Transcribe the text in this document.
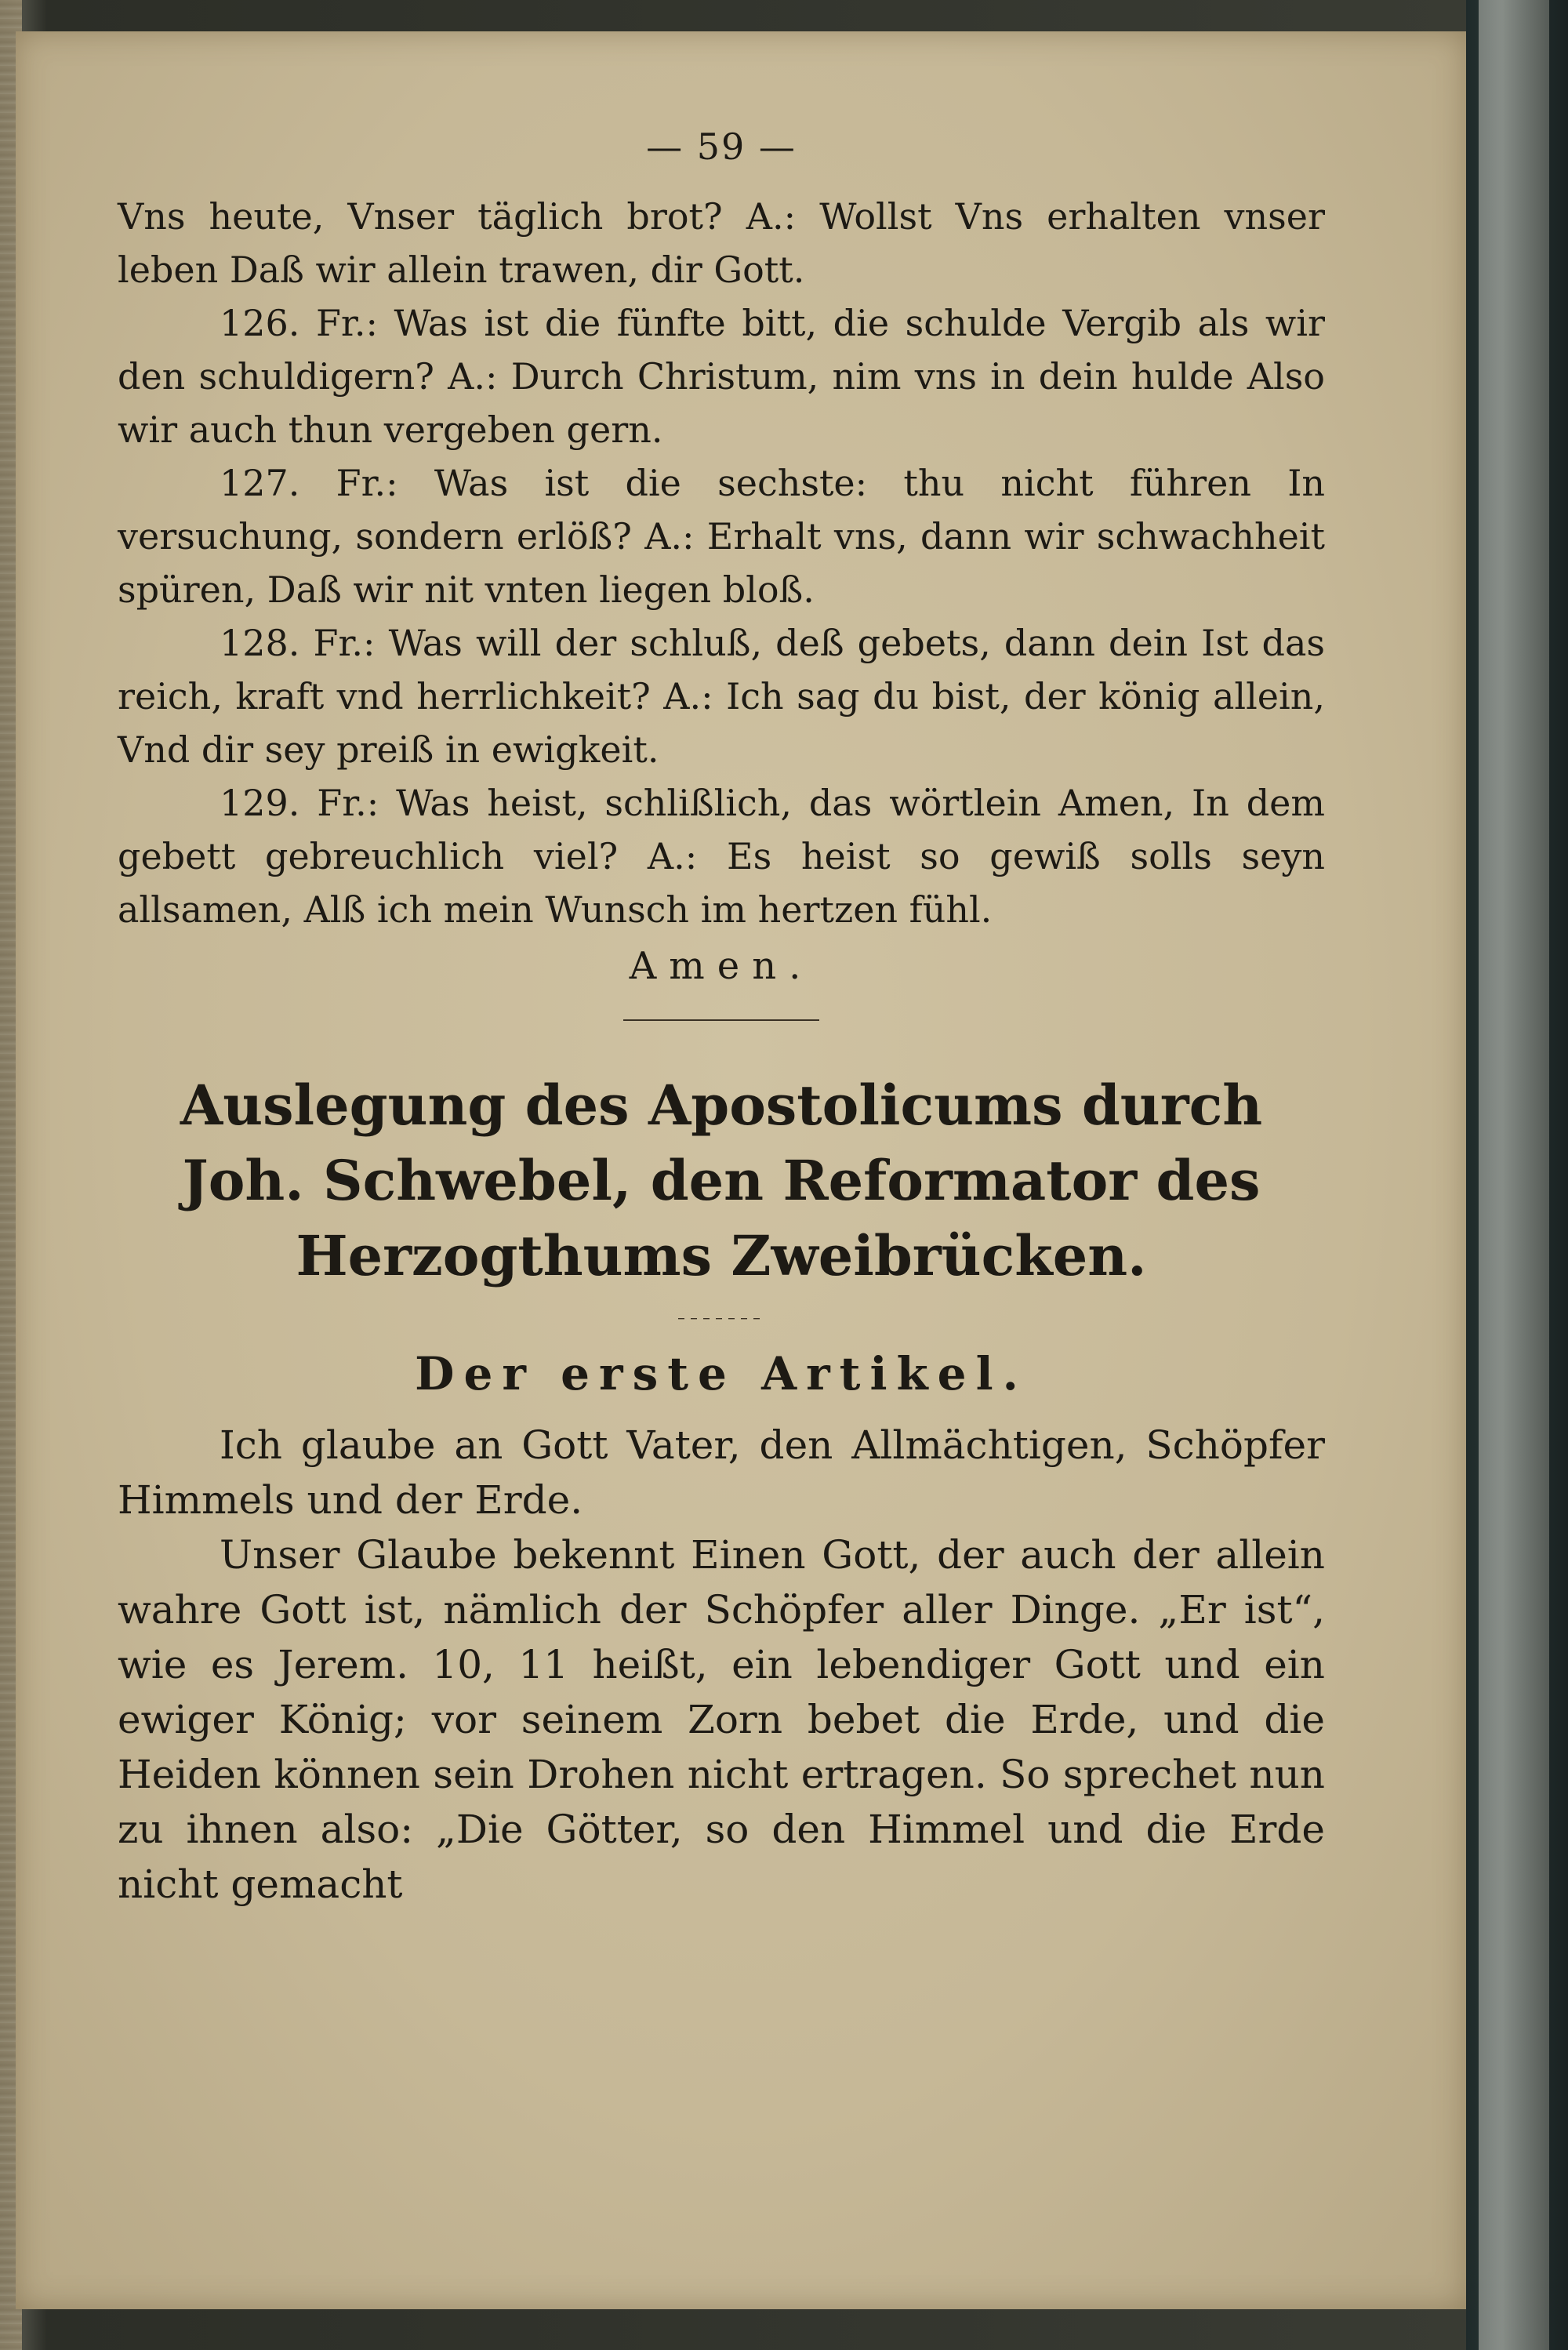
— 59 —

Vns heute, Vnser täglich brot? A.: Wollst Vns erhalten vnser leben Daß wir allein trawen, dir Gott.

126. Fr.: Was ist die fünfte bitt, die schulde Vergib als wir den schuldigern? A.: Durch Christum, nim vns in dein hulde Also wir auch thun vergeben gern.

127. Fr.: Was ist die sechste: thu nicht führen In versuchung, sondern erlöß? A.: Erhalt vns, dann wir schwachheit spüren, Daß wir nit vnten liegen bloß.

128. Fr.: Was will der schluß, deß gebets, dann dein Ist das reich, kraft vnd herrlichkeit? A.: Ich sag du bist, der könig allein, Vnd dir sey preiß in ewigkeit.

129. Fr.: Was heist, schlißlich, das wörtlein Amen, In dem gebett gebreuchlich viel? A.: Es heist so gewiß solls seyn allsamen, Alß ich mein Wunsch im hertzen fühl.

Amen.
Auslegung des Apostolicums durch Joh. Schwebel, den Reformator des Herzogthums Zweibrücken.
Der erste Artikel.

Ich glaube an Gott Vater, den Allmächtigen, Schöpfer Himmels und der Erde.

Unser Glaube bekennt Einen Gott, der auch der allein wahre Gott ist, nämlich der Schöpfer aller Dinge. „Er ist“, wie es Jerem. 10, 11 heißt, ein lebendiger Gott und ein ewiger König; vor seinem Zorn bebet die Erde, und die Heiden können sein Drohen nicht ertragen. So sprechet nun zu ihnen also: „Die Götter, so den Himmel und die Erde nicht gemacht
